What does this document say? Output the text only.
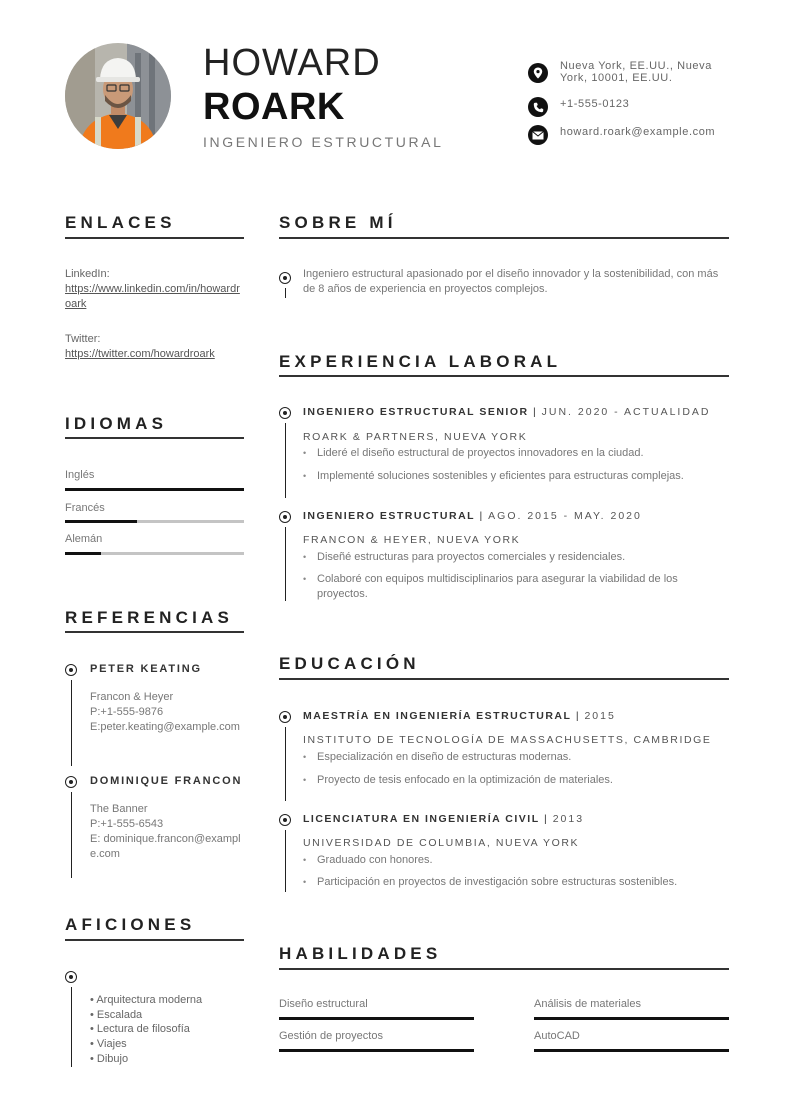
HOWARD
ROARK
INGENIERO ESTRUCTURAL
Nueva York, EE.UU., Nueva York, 10001, EE.UU.
+1-555-0123
howard.roark@example.com
ENLACES
LinkedIn:
https://www.linkedin.com/in/howardroark
Twitter:
https://twitter.com/howardroark
IDIOMAS
Inglés
Francés
Alemán
REFERENCIAS
PETER KEATING
Francon & Heyer
P:+1-555-9876
E:peter.keating@example.com
DOMINIQUE FRANCON
The Banner
P:+1-555-6543
E: dominique.francon@example.com
AFICIONES
• Arquitectura moderna
• Escalada
• Lectura de filosofía
• Viajes
• Dibujo
SOBRE MÍ
Ingeniero estructural apasionado por el diseño innovador y la sostenibilidad, con más de 8 años de experiencia en proyectos complejos.
EXPERIENCIA LABORAL
INGENIERO ESTRUCTURAL SENIOR | JUN. 2020 - ACTUALIDAD
ROARK & PARTNERS, NUEVA YORK
• Lideré el diseño estructural de proyectos innovadores en la ciudad.
• Implementé soluciones sostenibles y eficientes para estructuras complejas.
INGENIERO ESTRUCTURAL | AGO. 2015 - MAY. 2020
FRANCON & HEYER, NUEVA YORK
• Diseñé estructuras para proyectos comerciales y residenciales.
• Colaboré con equipos multidisciplinarios para asegurar la viabilidad de los proyectos.
EDUCACIÓN
MAESTRÍA EN INGENIERÍA ESTRUCTURAL | 2015
INSTITUTO DE TECNOLOGÍA DE MASSACHUSETTS, CAMBRIDGE
• Especialización en diseño de estructuras modernas.
• Proyecto de tesis enfocado en la optimización de materiales.
LICENCIATURA EN INGENIERÍA CIVIL | 2013
UNIVERSIDAD DE COLUMBIA, NUEVA YORK
• Graduado con honores.
• Participación en proyectos de investigación sobre estructuras sostenibles.
HABILIDADES
Diseño estructural	Análisis de materiales
Gestión de proyectos	AutoCAD
